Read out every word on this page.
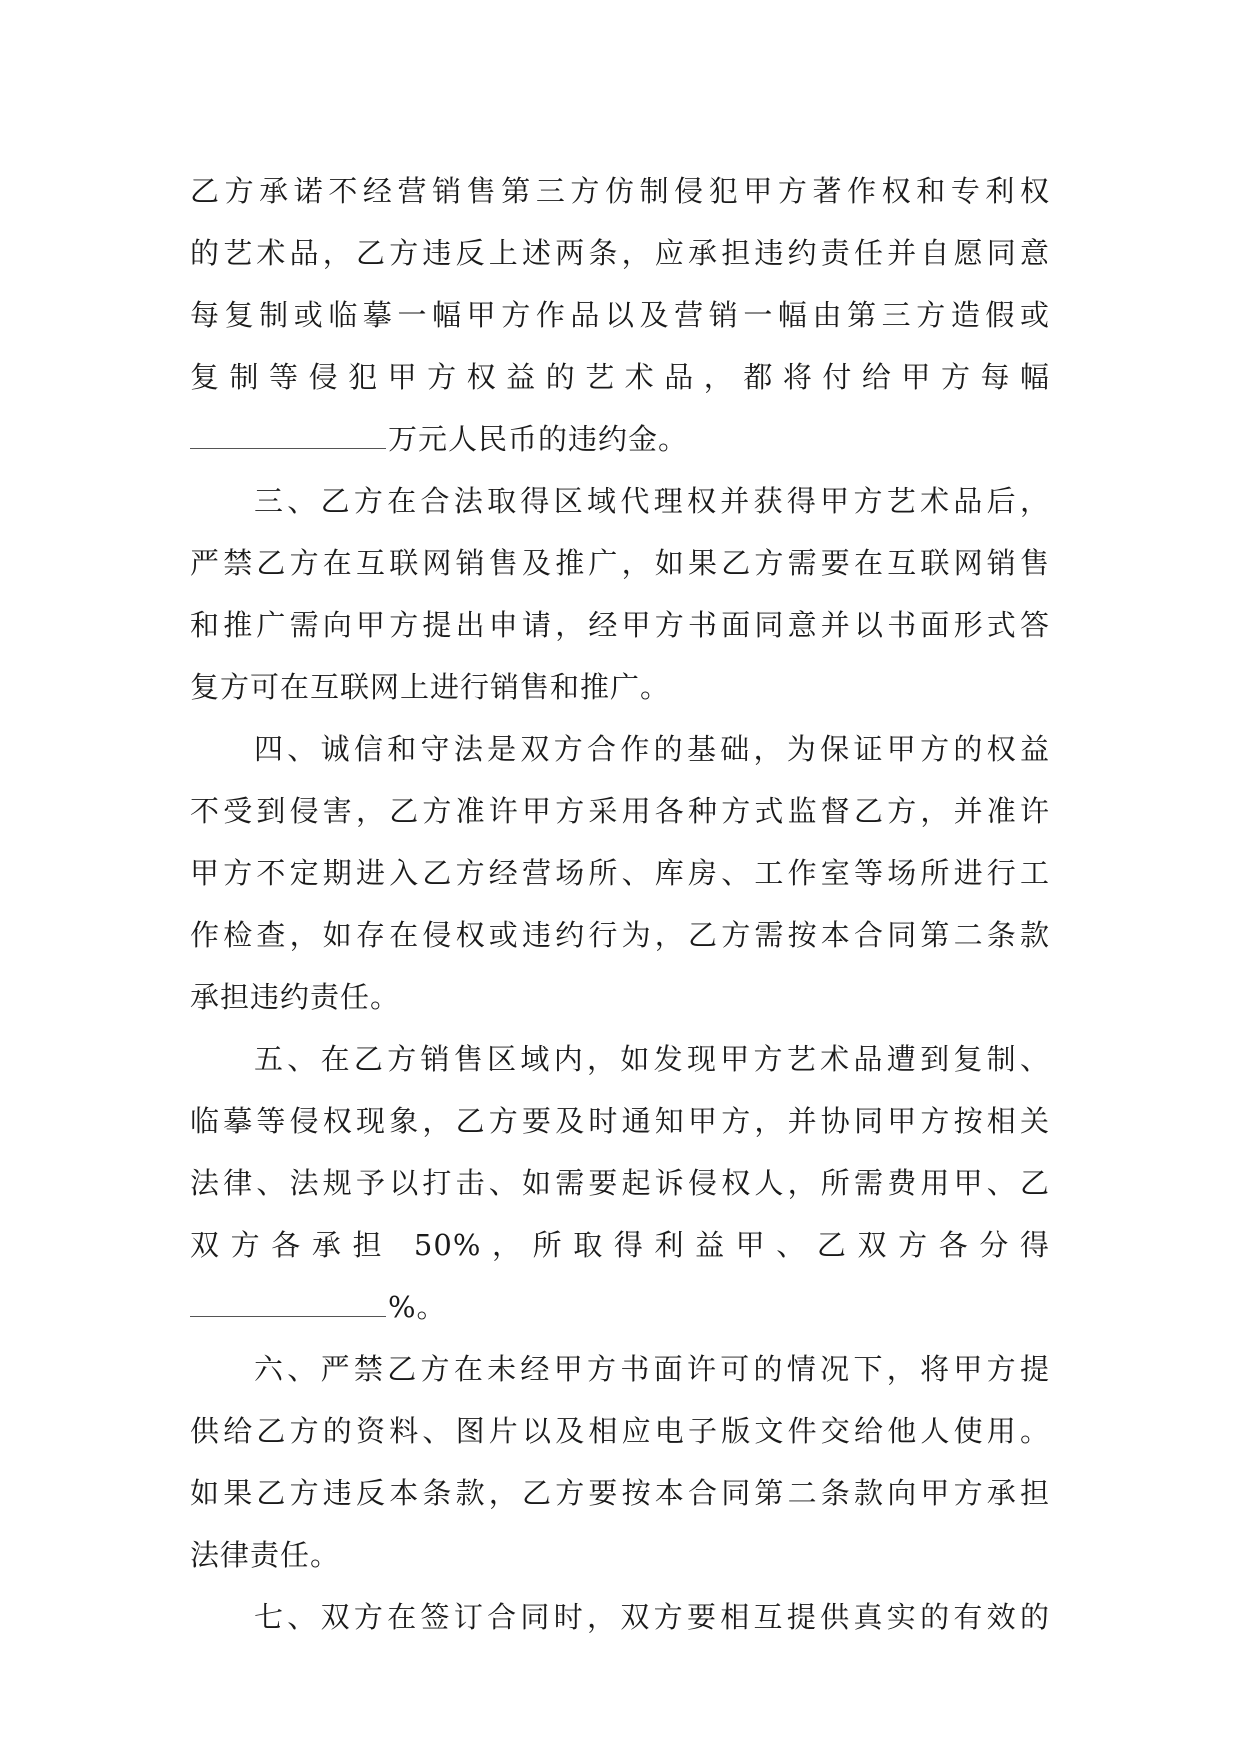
乙方承诺不经营销售第三方仿制侵犯甲方著作权和专利权
的艺术品，乙方违反上述两条，应承担违约责任并自愿同意
每复制或临摹一幅甲方作品以及营销一幅由第三方造假或
复制等侵犯甲方权益的艺术品，都将付给甲方每幅
万元人民币的违约金。
三、乙方在合法取得区域代理权并获得甲方艺术品后，
严禁乙方在互联网销售及推广，如果乙方需要在互联网销售
和推广需向甲方提出申请，经甲方书面同意并以书面形式答
复方可在互联网上进行销售和推广。
四、诚信和守法是双方合作的基础，为保证甲方的权益
不受到侵害，乙方准许甲方采用各种方式监督乙方，并准许
甲方不定期进入乙方经营场所、库房、工作室等场所进行工
作检查，如存在侵权或违约行为，乙方需按本合同第二条款
承担违约责任。
五、在乙方销售区域内，如发现甲方艺术品遭到复制、
临摹等侵权现象，乙方要及时通知甲方，并协同甲方按相关
法律、法规予以打击、如需要起诉侵权人，所需费用甲、乙
双方各承担 50%，所取得利益甲、乙双方各分得
%。
六、严禁乙方在未经甲方书面许可的情况下，将甲方提
供给乙方的资料、图片以及相应电子版文件交给他人使用。
如果乙方违反本条款，乙方要按本合同第二条款向甲方承担
法律责任。
七、双方在签订合同时，双方要相互提供真实的有效的
